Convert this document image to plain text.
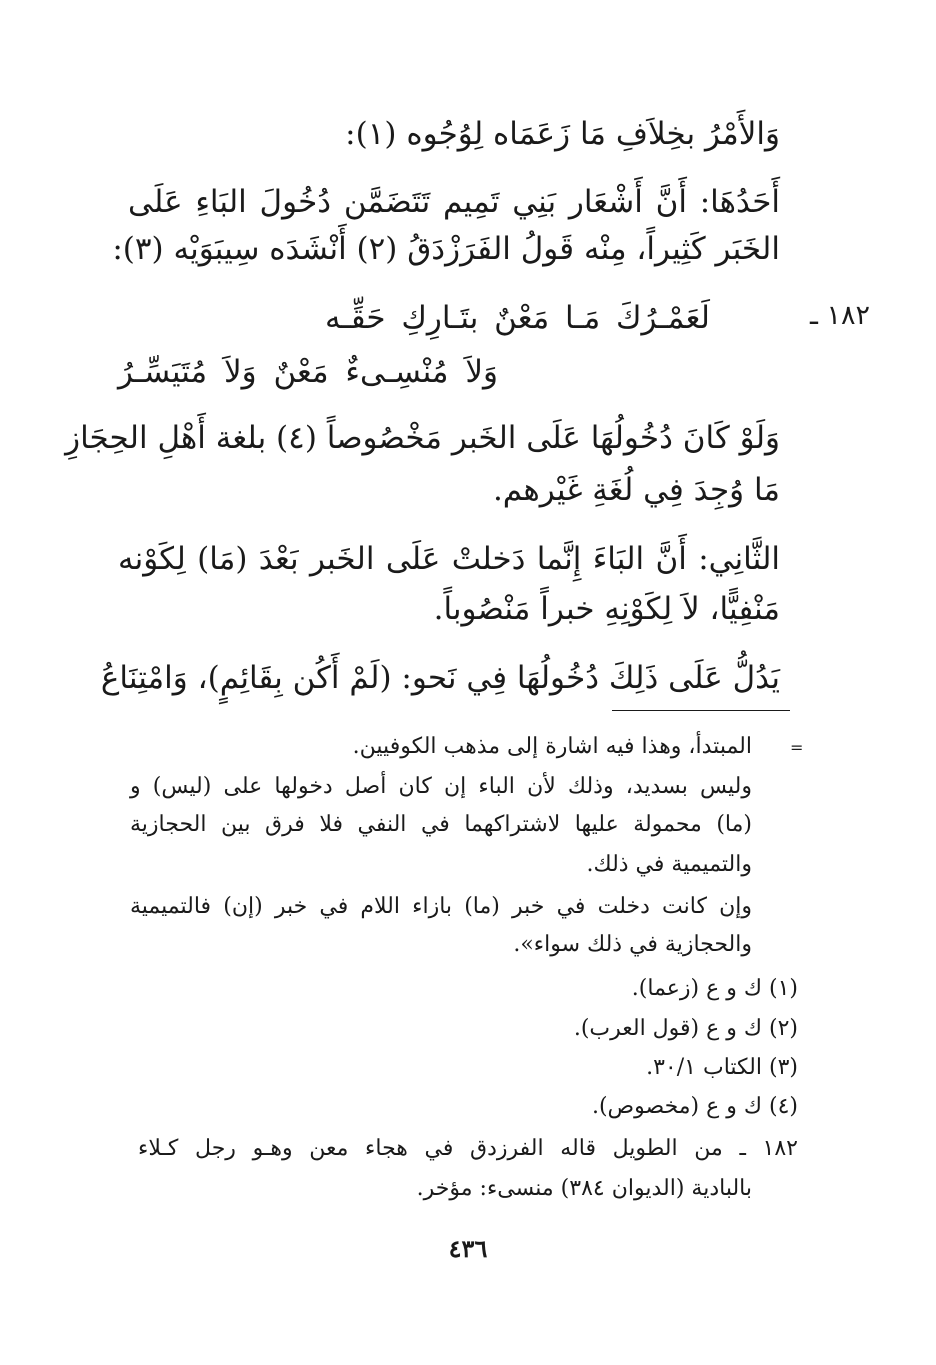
وَالأَمْرُ بخِلاَفِ مَا زَعَمَاه لِوُجُوه (١):
أَحَدُهَا: أَنَّ أَشْعَار بَنِي تَمِيم تَتَضَمَّن دُخُولَ البَاءِ عَلَى
الخَبَر كَثِيراً، مِنْه قَولُ الفَرَزْدَقُ (٢) أَنْشَدَه سِيبَوَيْه (٣):
١٨٢ ـ
لَعَمْـرُكَ مَـا مَعْنٌ بتَـارِكِ حَقِّـه
وَلاَ مُنْسِـىءٌ مَعْنٌ وَلاَ مُتَيَسِّـرُ
وَلَوْ كَانَ دُخُولُهَا عَلَى الخَبر مَخْصُوصاً (٤) بلغة أَهْلِ الحِجَازِ
مَا وُجِدَ فِي لُغَةِ غَيْرهم.
الثَّانِي: أَنَّ البَاءَ إِنَّما دَخلتْ عَلَى الخَبر بَعْدَ (مَا) لِكَوْنه
مَنْفِيًّا، لاَ لِكَوْنِهِ خبراً مَنْصُوباً.
يَدُلُّ عَلَى ذَلِكَ دُخُولُهَا فِي نَحو: (لَمْ أَكُن بِقَائِمٍ)، وَامْتِنَاعُ
=
المبتدأ، وهذا فيه اشارة إلى مذهب الكوفيين.
وليس بسديد، وذلك لأن الباء إن كان أصل دخولها على (ليس) و
(ما) محمولة عليها لاشتراكهما في النفي فلا فرق بين الحجازية
والتميمية في ذلك.
وإن كانت دخلت في خبر (ما) بازاء اللام في خبر (إن) فالتميمية
والحجازية في ذلك سواء».
(١) ك و ع (زعما).
(٢) ك و ع (قول العرب).
(٣) الكتاب ٣٠/١.
(٤) ك و ع (مخصوص).
١٨٢ ـ من الطويل قاله الفرزدق في هجاء معن وهـو رجل كـلاء
بالبادية (الديوان ٣٨٤) منسىء: مؤخر.
٤٣٦
